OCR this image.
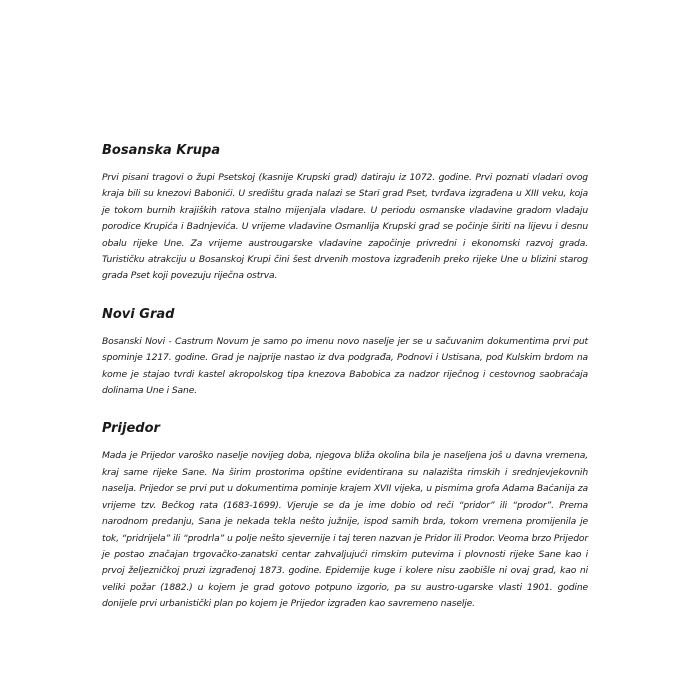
Bosanska Krupa

Prvi pisani tragovi o župi Psetskoj (kasnije Krupski grad) datiraju iz 1072. godine. Prvi poznati vladari ovog kraja bili su knezovi Babonići. U središtu grada nalazi se Stari grad Pset, tvrđava izgrađena u XIII veku, koja je tokom burnih krajiških ratova stalno mijenjala vladare. U periodu osmanske vladavine gradom vladaju porodice Krupića i Badnjevića. U vrijeme vladavine Osmanlija Krupski grad se počinje širiti na lijevu i desnu obalu rijeke Une. Za vrijeme austrougarske vladavine započinje privredni i ekonomski razvoj grada. Turističku atrakciju u Bosanskoj Krupi čini šest drvenih mostova izgrađenih preko rijeke Une u blizini starog grada Pset koji povezuju riječna ostrva.

Novi Grad

Bosanski Novi - Castrum Novum je samo po imenu novo naselje jer se u sačuvanim dokumentima prvi put spominje 1217. godine. Grad je najprije nastao iz dva podgrađa, Podnovi i Ustisana, pod Kulskim brdom na kome je stajao tvrdi kastel akropolskog tipa knezova Babobica za nadzor riječnog i cestovnog saobraćaja dolinama Une i Sane.

Prijedor

Mada je Prijedor varoško naselje novijeg doba, njegova bliža okolina bila je naseljena još u davna vremena, kraj same rijeke Sane. Na širim prostorima opštine evidentirana su nalazišta rimskih i srednjevjekovnih naselja. Prijedor se prvi put u dokumentima pominje krajem XVII vijeka, u pismima grofa Adama Baćanija za vrijeme tzv. Bečkog rata (1683-1699). Vjeruje se da je ime dobio od reči “pridor” ili “prodor”. Prema narodnom predanju, Sana je nekada tekla nešto južnije, ispod samih brda, tokom vremena promijenila je tok, “pridrijela” ili “prodrla” u polje nešto sjevernije i taj teren nazvan je Pridor ili Prodor. Veoma brzo Prijedor je postao značajan trgovačko-zanatski centar zahvaljujući rimskim putevima i plovnosti rijeke Sane kao i prvoj željezničkoj pruzi izgrađenoj 1873. godine. Epidemije kuge i kolere nisu zaobišle ni ovaj grad, kao ni veliki požar (1882.) u kojem je grad gotovo potpuno izgorio, pa su austro-ugarske vlasti 1901. godine donijele prvi urbanistički plan po kojem je Prijedor izgrađen kao savremeno naselje.
